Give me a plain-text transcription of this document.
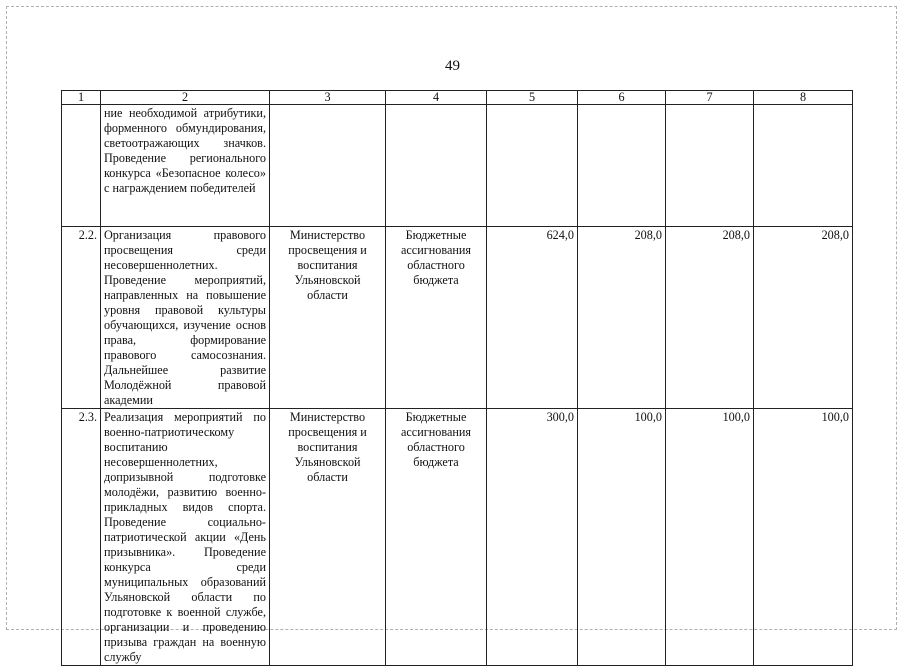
49
1	2	3	4	5	6	7	8
	ние необходимой атрибутики, форменного обмундирования, светоотражающих значков. Проведение регионального конкурса «Безопасное колесо» с награждением победителей						
2.2.	Организация правового просвещения среди несовершеннолетних. Проведение мероприятий, направленных на повышение уровня правовой культуры обучающихся, изучение основ права, формирование правового самосознания. Дальнейшее развитие Молодёжной правовой академии	Министерство просвещения и воспитания Ульяновской области	Бюджетные ассигнования областного бюджета	624,0	208,0	208,0	208,0
2.3.	Реализация мероприятий по военно-патриотическому воспитанию несовершеннолетних, допризывной подготовке молодёжи, развитию военно-прикладных видов спорта. Проведение социально-патриотической акции «День призывника». Проведение конкурса среди муниципальных образований Ульяновской области по подготовке к военной службе, организации и проведению призыва граждан на военную службу	Министерство просвещения и воспитания Ульяновской области	Бюджетные ассигнования областного бюджета	300,0	100,0	100,0	100,0
